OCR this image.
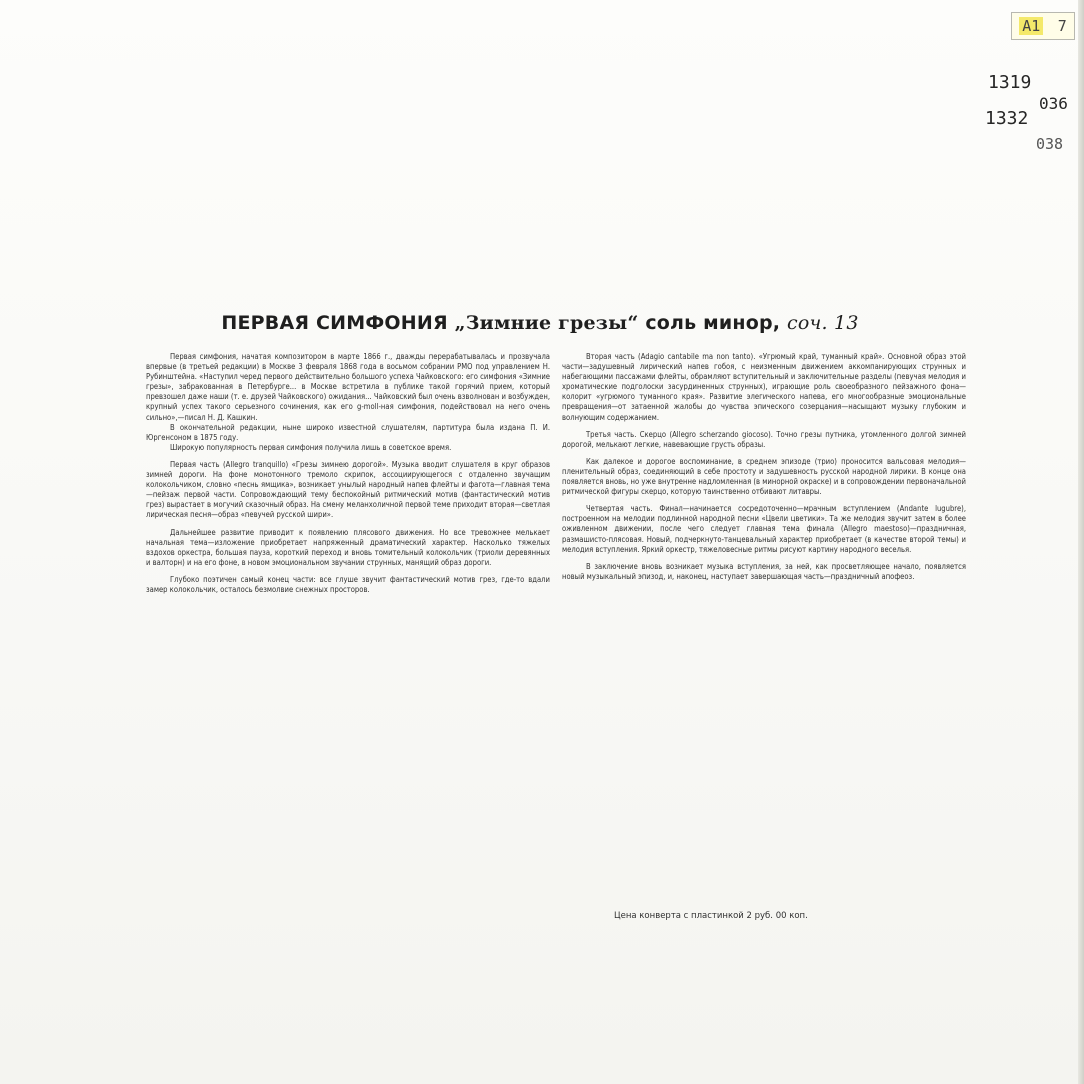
A1 7
1319
036
1332
038
ПЕРВАЯ СИМФОНИЯ „Зимние грезы“ соль минор, соч. 13

Первая симфония, начатая композитором в марте 1866 г., дважды перерабатывалась и прозвучала впервые (в третьей редакции) в Москве 3 февраля 1868 года в восьмом собрании РМО под управлением Н. Рубинштейна. «Наступил черед первого действительно большого успеха Чайковского: его симфония «Зимние грезы», забракованная в Петербурге... в Москве встретила в публике такой горячий прием, который превзошел даже наши (т. е. друзей Чайковского) ожидания... Чайковский был очень взволнован и возбужден, крупный успех такого серьезного сочинения, как его g-moll-ная симфония, подействовал на него очень сильно»,—писал Н. Д. Кашкин.

В окончательной редакции, ныне широко известной слушателям, партитура была издана П. И. Юргенсоном в 1875 году.

Широкую популярность первая симфония получила лишь в советское время.

Первая часть (Allegro tranquillo) «Грезы зимнею дорогой». Музыка вводит слушателя в круг образов зимней дороги. На фоне монотонного тремоло скрипок, ассоциирующегося с отдаленно звучащим колокольчиком, словно «песнь ямщика», возникает унылый народный напев флейты и фагота—главная тема—пейзаж первой части. Сопровождающий тему беспокойный ритмический мотив (фантастический мотив грез) вырастает в могучий сказочный образ. На смену меланхоличной первой теме приходит вторая—светлая лирическая песня—образ «певучей русской шири».

Дальнейшее развитие приводит к появлению плясового движения. Но все тревожнее мелькает начальная тема—изложение приобретает напряженный драматический характер. Насколько тяжелых вздохов оркестра, большая пауза, короткий переход и вновь томительный колокольчик (триоли деревянных и валторн) и на его фоне, в новом эмоциональном звучании струнных, манящий образ дороги.

Глубоко поэтичен самый конец части: все глуше звучит фантастический мотив грез, где-то вдали замер колокольчик, осталось безмолвие снежных просторов.

Вторая часть (Adagio cantabile ma non tanto). «Угрюмый край, туманный край». Основной образ этой части—задушевный лирический напев гобоя, с неизменным движением аккомпанирующих струнных и набегающими пассажами флейты, обрамляют вступительный и заключительные разделы (певучая мелодия и хроматические подголоски засурдиненных струнных), играющие роль своеобразного пейзажного фона—колорит «угрюмого туманного края». Развитие элегического напева, его многообразные эмоциональные превращения—от затаенной жалобы до чувства эпического созерцания—насыщают музыку глубоким и волнующим содержанием.

Третья часть. Скерцо (Allegro scherzando giocoso). Точно грезы путника, утомленного долгой зимней дорогой, мелькают легкие, навевающие грусть образы.

Как далекое и дорогое воспоминание, в среднем эпизоде (трио) проносится вальсовая мелодия— пленительный образ, соединяющий в себе простоту и задушевность русской народной лирики. В конце она появляется вновь, но уже внутренне надломленная (в минорной окраске) и в сопровождении первоначальной ритмической фигуры скерцо, которую таинственно отбивают литавры.

Четвертая часть. Финал—начинается сосредоточенно—мрачным вступлением (Andante lugubre), построенном на мелодии подлинной народной песни «Цвели цветики». Та же мелодия звучит затем в более оживленном движении, после чего следует главная тема финала (Allegro maestoso)—праздничная, размашисто-плясовая. Новый, подчеркнуто-танцевальный характер приобретает (в качестве второй темы) и мелодия вступления. Яркий оркестр, тяжеловесные ритмы рисуют картину народного веселья.

В заключение вновь возникает музыка вступления, за ней, как просветляющее начало, появляется новый музыкальный эпизод, и, наконец, наступает завершающая часть—праздничный апофеоз.

Цена конверта с пластинкой 2 руб. 00 коп.
